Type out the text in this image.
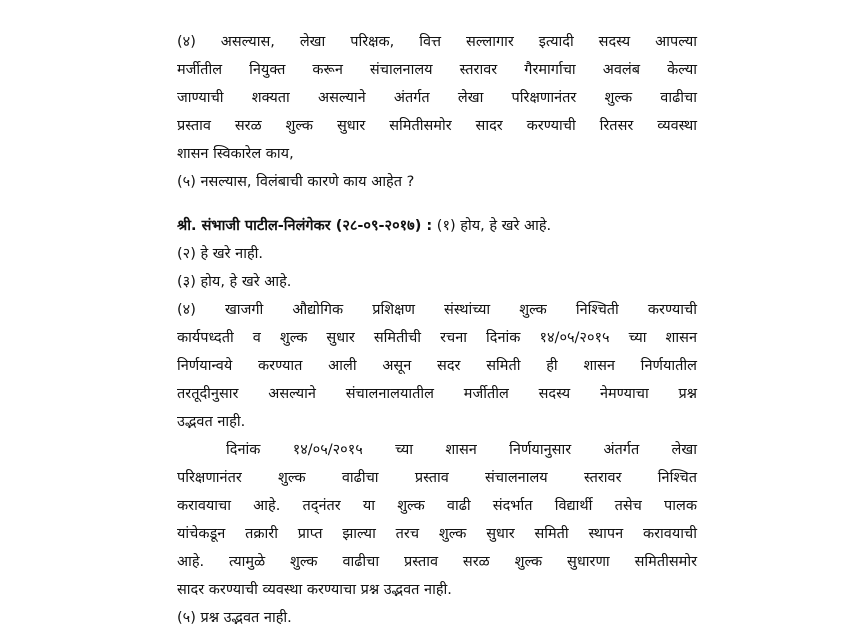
(४) असल्यास, लेखा परिक्षक, वित्त सल्लागार इत्यादी सदस्य आपल्या
मर्जीतील नियुक्त करून संचालनालय स्तरावर गैरमार्गाचा अवलंब केल्या
जाण्याची शक्यता असल्याने अंतर्गत लेखा परिक्षणानंतर शुल्क वाढीचा
प्रस्ताव सरळ शुल्क सुधार समितीसमोर सादर करण्याची रितसर व्यवस्था
शासन स्विकारेल काय,
(५) नसल्यास, विलंबाची कारणे काय आहेत ?
श्री. संभाजी पाटील-निलंगेकर (२८-०९-२०१७) : (१) होय, हे खरे आहे.
(२) हे खरे नाही.
(३) होय, हे खरे आहे.
(४) खाजगी औद्योगिक प्रशिक्षण संस्थांच्या शुल्क निश्चिती करण्याची
कार्यपध्दती व शुल्क सुधार समितीची रचना दिनांक १४/०५/२०१५ च्या शासन
निर्णयान्वये करण्यात आली असून सदर समिती ही शासन निर्णयातील
तरतूदीनुसार असल्याने संचालनालयातील मर्जीतील सदस्य नेमण्याचा प्रश्न
उद्भवत नाही.
दिनांक १४/०५/२०१५ च्या शासन निर्णयानुसार अंतर्गत लेखा
परिक्षणानंतर शुल्क वाढीचा प्रस्ताव संचालनालय स्तरावर निश्चित
करावयाचा आहे. तद्नंतर या शुल्क वाढी संदर्भात विद्यार्थी तसेच पालक
यांचेकडून तक्रारी प्राप्त झाल्या तरच शुल्क सुधार समिती स्थापन करावयाची
आहे. त्यामुळे शुल्क वाढीचा प्रस्ताव सरळ शुल्क सुधारणा समितीसमोर
सादर करण्याची व्यवस्था करण्याचा प्रश्न उद्भवत नाही.
(५) प्रश्न उद्भवत नाही.
